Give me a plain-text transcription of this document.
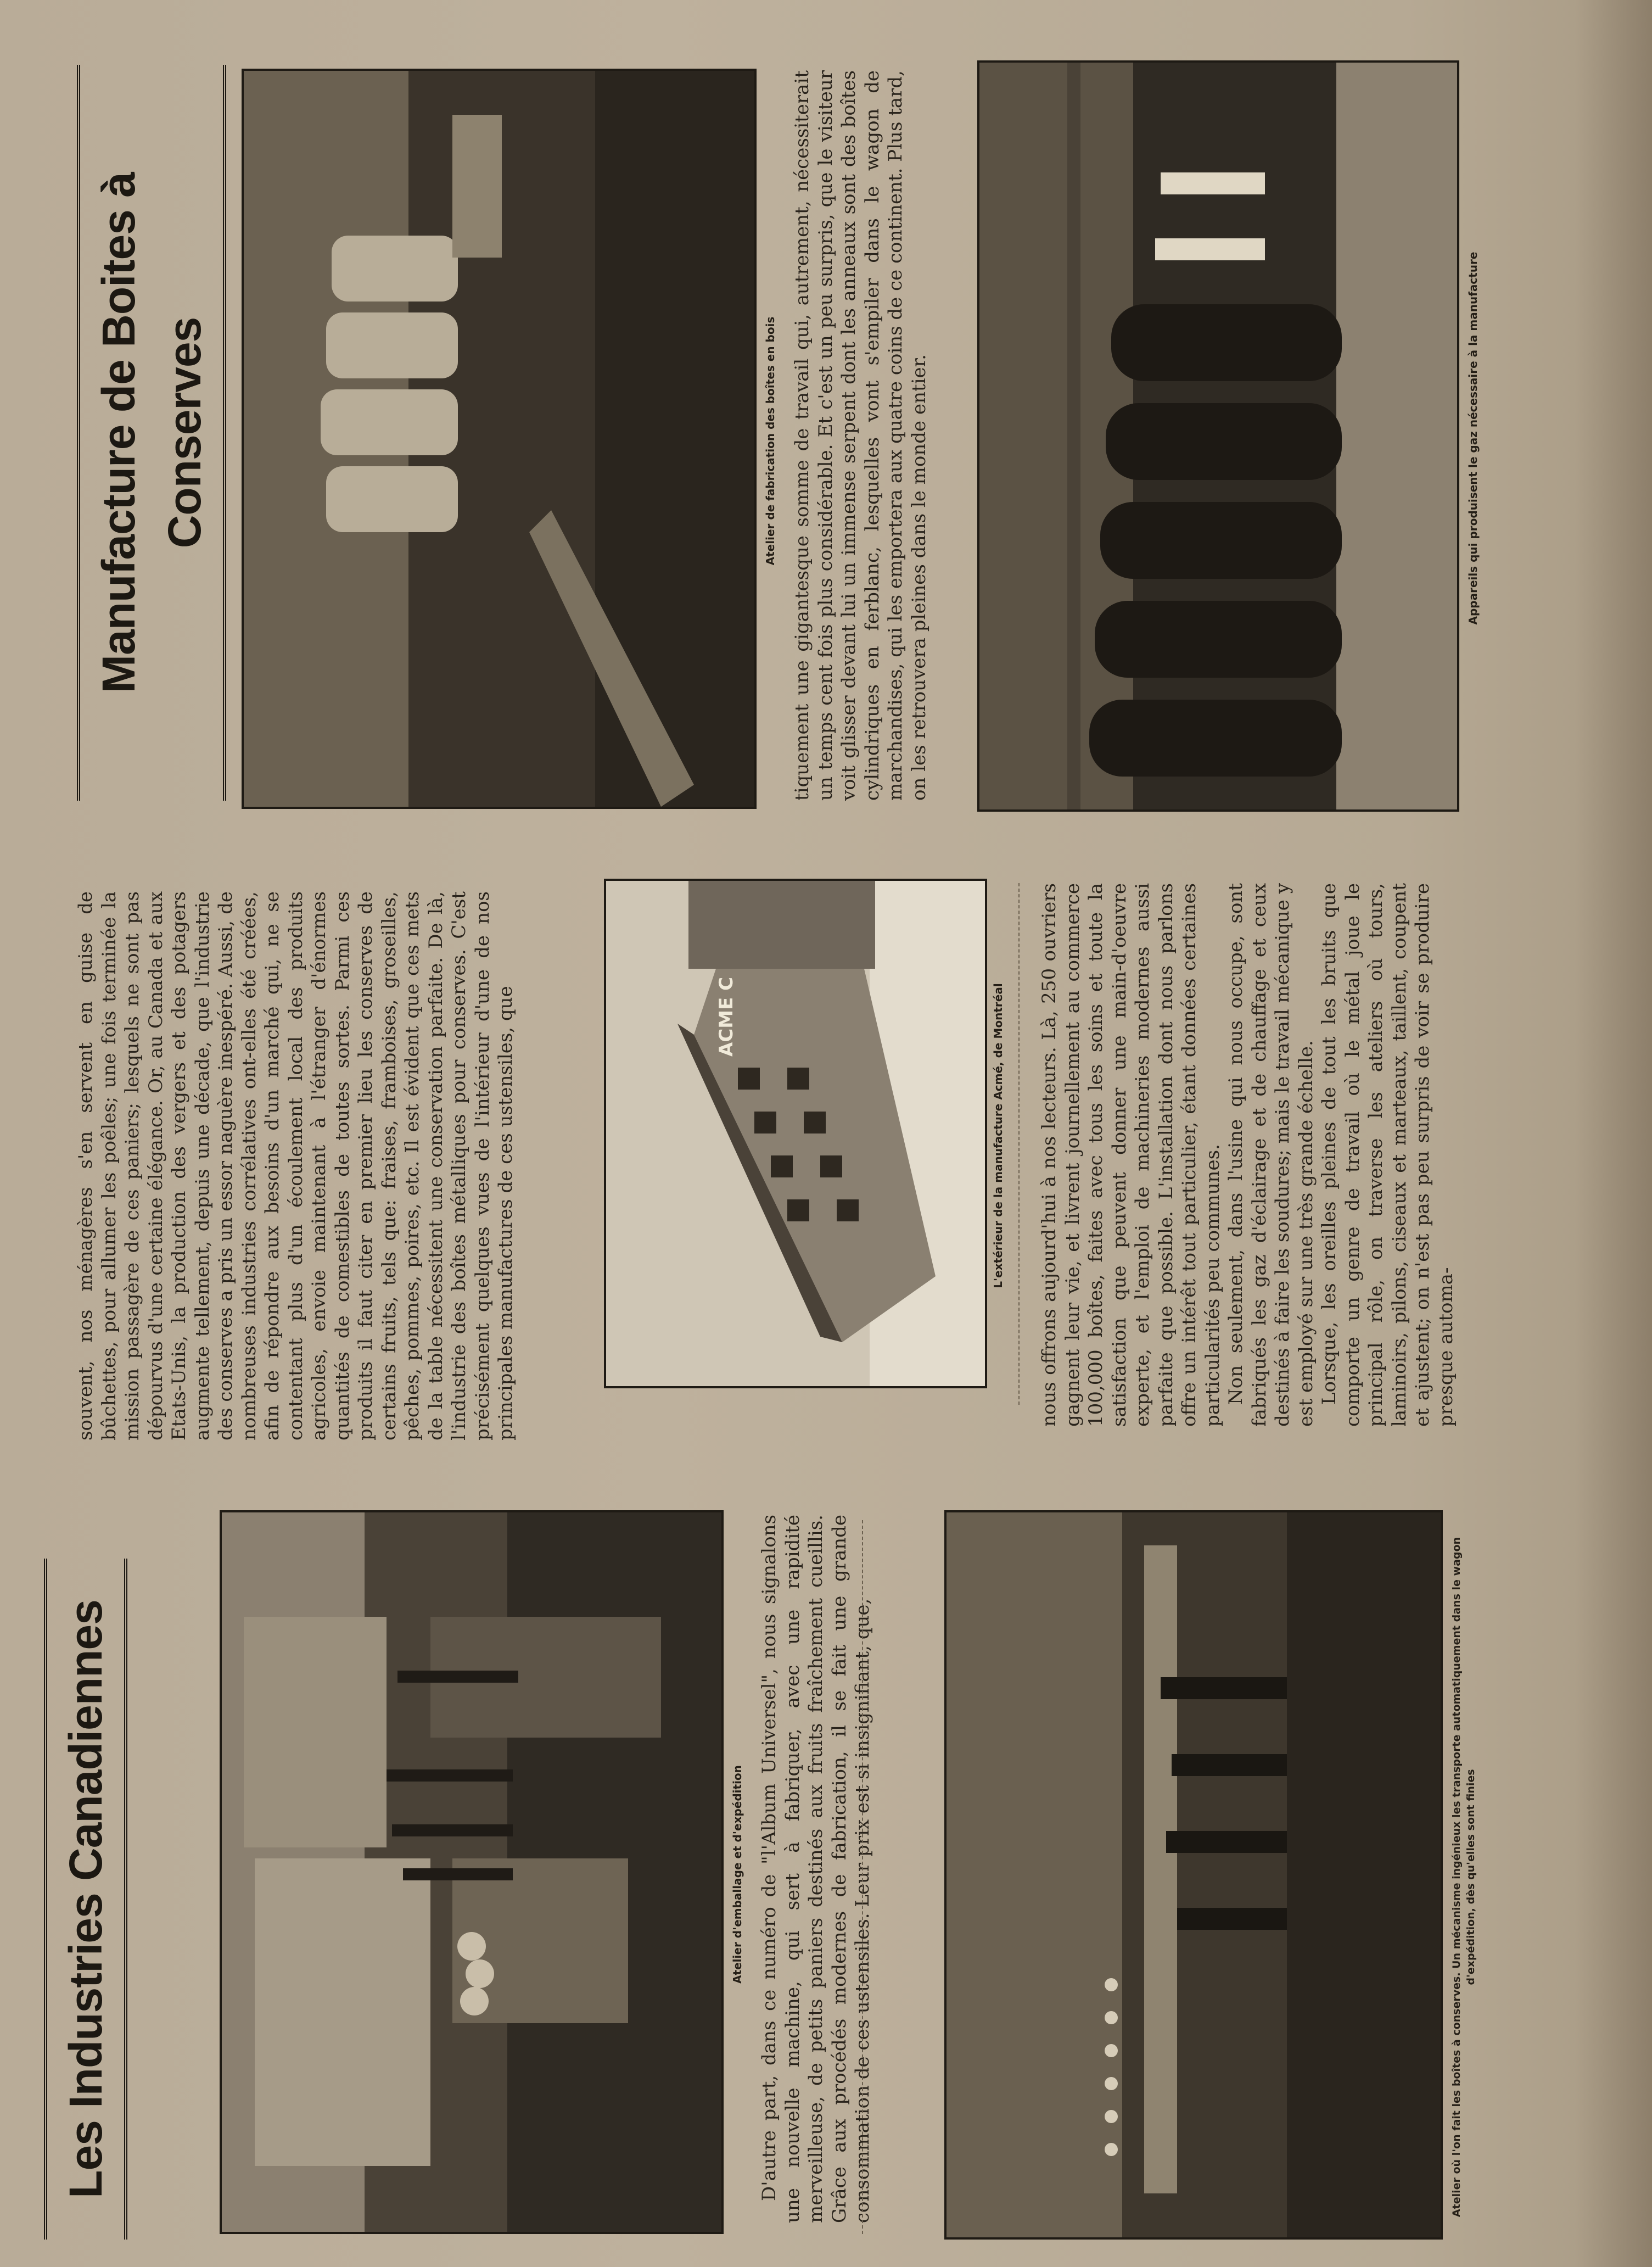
Les Industries Canadiennes	Atelier d'emballage et d'expédition D'autre part, dans ce numéro de "l'Album Universel", nous signalons une nouvelle machine, qui sert à fabriquer, avec une rapidité merveilleuse, de petits paniers destinés aux fruits fraîchement cueillis. Grâce aux procédés modernes de fabrication, il se fait une grande consommation de ces ustensiles. Leur prix est si insignifiant, que,	Atelier où l'on fait les boîtes à conserves. Un mécanisme ingénieux les transporte automatiquement dans le wagon d'expédition, dès qu'elles sont finies

souvent, nos ménagères s'en servent en guise de bûchettes, pour allumer les poêles; une fois terminée la mission passagère de ces paniers; lesquels ne sont pas dépourvus d'une certaine élégance. Or, au Canada et aux Etats-Unis, la production des vergers et des potagers augmente tellement, depuis une décade, que l'industrie des conserves a pris un essor naguère inespéré. Aussi, de nombreuses industries corrélatives ont-elles été créées, afin de répondre aux besoins d'un marché qui, ne se contentant plus d'un écoulement local des produits agricoles, envoie maintenant à l'étranger d'énormes quantités de comestibles de toutes sortes. Parmi ces produits il faut citer en premier lieu les conserves de certains fruits, tels que: fraises, framboises, groseilles, pêches, pommes, poires, etc. Il est évident que ces mets de la table nécessitent une conservation parfaite. De là, l'industrie des boîtes métalliques pour conserves. C'est précisément quelques vues de l'intérieur d'une de nos principales manufactures de ces ustensiles, que	ACME C	L'extérieur de la manufacture Acmé, de Montréal nous offrons aujourd'hui à nos lecteurs. Là, 250 ouvriers gagnent leur vie, et livrent journellement au commerce 100,000 boîtes, faites avec tous les soins et toute la satisfaction que peuvent donner une main-d'oeuvre experte, et l'emploi de machineries modernes aussi parfaite que possible. L'installation dont nous parlons offre un intérêt tout particulier, étant données certaines particularités peu communes. Non seulement, dans l'usine qui nous occupe, sont fabriqués les gaz d'éclairage et de chauffage et ceux destinés à faire les soudures; mais le travail mécanique y est employé sur une très grande échelle. Lorsque, les oreilles pleines de tout les bruits que comporte un genre de travail où le métal joue le principal rôle, on traverse les ateliers où tours, laminoirs, pilons, ciseaux et marteaux, taillent, coupent et ajustent; on n'est pas peu surpris de voir se produire presque automa-

Manufacture de Boites à Conserves	Atelier de fabrication des boîtes en bois tiquement une gigantesque somme de travail qui, autrement, nécessiterait un temps cent fois plus considérable. Et c'est un peu surpris, que le visiteur voit glisser devant lui un immense serpent dont les anneaux sont des boîtes cylindriques en ferblanc, lesquelles vont s'empiler dans le wagon de marchandises, qui les emportera aux quatre coins de ce continent. Plus tard, on les retrouvera pleines dans le monde entier.	Appareils qui produisent le gaz nécessaire à la manufacture
